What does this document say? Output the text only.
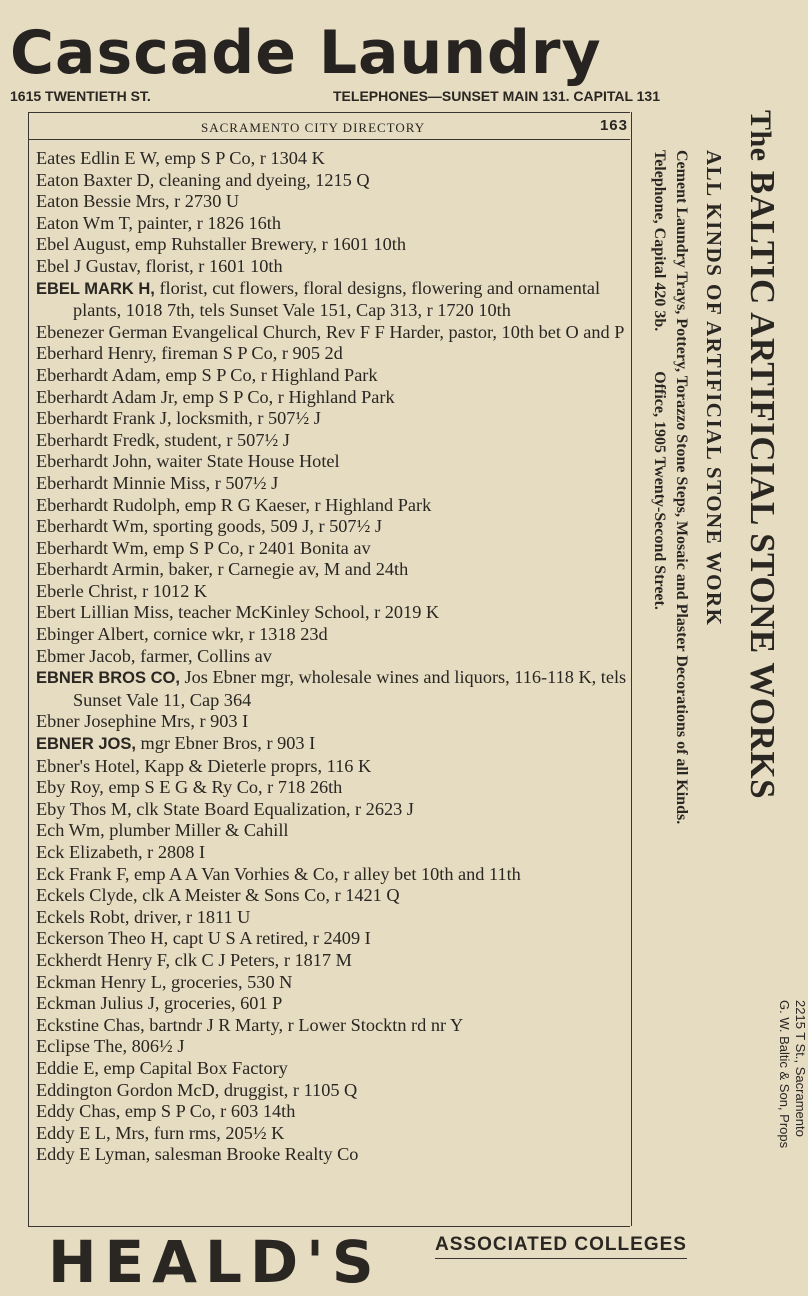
Cascade Laundry
1615 TWENTIETH ST.	TELEPHONES—SUNSET MAIN 131. CAPITAL 131
SACRAMENTO CITY DIRECTORY	163
Eates Edlin E W, emp S P Co, r 1304 K
Eaton Baxter D, cleaning and dyeing, 1215 Q
Eaton Bessie Mrs, r 2730 U
Eaton Wm T, painter, r 1826 16th
Ebel August, emp Ruhstaller Brewery, r 1601 10th
Ebel J Gustav, florist, r 1601 10th
EBEL MARK H, florist, cut flowers, floral designs, flowering and ornamental plants, 1018 7th, tels Sunset Vale 151, Cap 313, r 1720 10th
Ebenezer German Evangelical Church, Rev F F Harder, pastor, 10th bet O and P
Eberhard Henry, fireman S P Co, r 905 2d
Eberhardt Adam, emp S P Co, r Highland Park
Eberhardt Adam Jr, emp S P Co, r Highland Park
Eberhardt Frank J, locksmith, r 507½ J
Eberhardt Fredk, student, r 507½ J
Eberhardt John, waiter State House Hotel
Eberhardt Minnie Miss, r 507½ J
Eberhardt Rudolph, emp R G Kaeser, r Highland Park
Eberhardt Wm, sporting goods, 509 J, r 507½ J
Eberhardt Wm, emp S P Co, r 2401 Bonita av
Eberhardt Armin, baker, r Carnegie av, M and 24th
Eberle Christ, r 1012 K
Ebert Lillian Miss, teacher McKinley School, r 2019 K
Ebinger Albert, cornice wkr, r 1318 23d
Ebmer Jacob, farmer, Collins av
EBNER BROS CO, Jos Ebner mgr, wholesale wines and liquors, 116-118 K, tels Sunset Vale 11, Cap 364
Ebner Josephine Mrs, r 903 I
EBNER JOS, mgr Ebner Bros, r 903 I
Ebner's Hotel, Kapp & Dieterle proprs, 116 K
Eby Roy, emp S E G & Ry Co, r 718 26th
Eby Thos M, clk State Board Equalization, r 2623 J
Ech Wm, plumber Miller & Cahill
Eck Elizabeth, r 2808 I
Eck Frank F, emp A A Van Vorhies & Co, r alley bet 10th and 11th
Eckels Clyde, clk A Meister & Sons Co, r 1421 Q
Eckels Robt, driver, r 1811 U
Eckerson Theo H, capt U S A retired, r 2409 I
Eckherdt Henry F, clk C J Peters, r 1817 M
Eckman Henry L, groceries, 530 N
Eckman Julius J, groceries, 601 P
Eckstine Chas, bartndr J R Marty, r Lower Stocktn rd nr Y
Eclipse The, 806½ J
Eddie E, emp Capital Box Factory
Eddington Gordon McD, druggist, r 1105 Q
Eddy Chas, emp S P Co, r 603 14th
Eddy E L, Mrs, furn rms, 205½ K
Eddy E Lyman, salesman Brooke Realty Co
The BALTIC ARTIFICIAL STONE WORKS
ALL KINDS OF ARTIFICIAL STONE WORK
Cement Laundry Trays, Pottery, Torazzo Stone Steps, Mosaic and Plaster Decorations of all Kinds.
Telephone, Capital 420 3b.          Office, 1905 Twenty-Second Street.
2215 T St., Sacramento
G. W. Baltic & Son, Props
HEALD'S	ASSOCIATED COLLEGES
